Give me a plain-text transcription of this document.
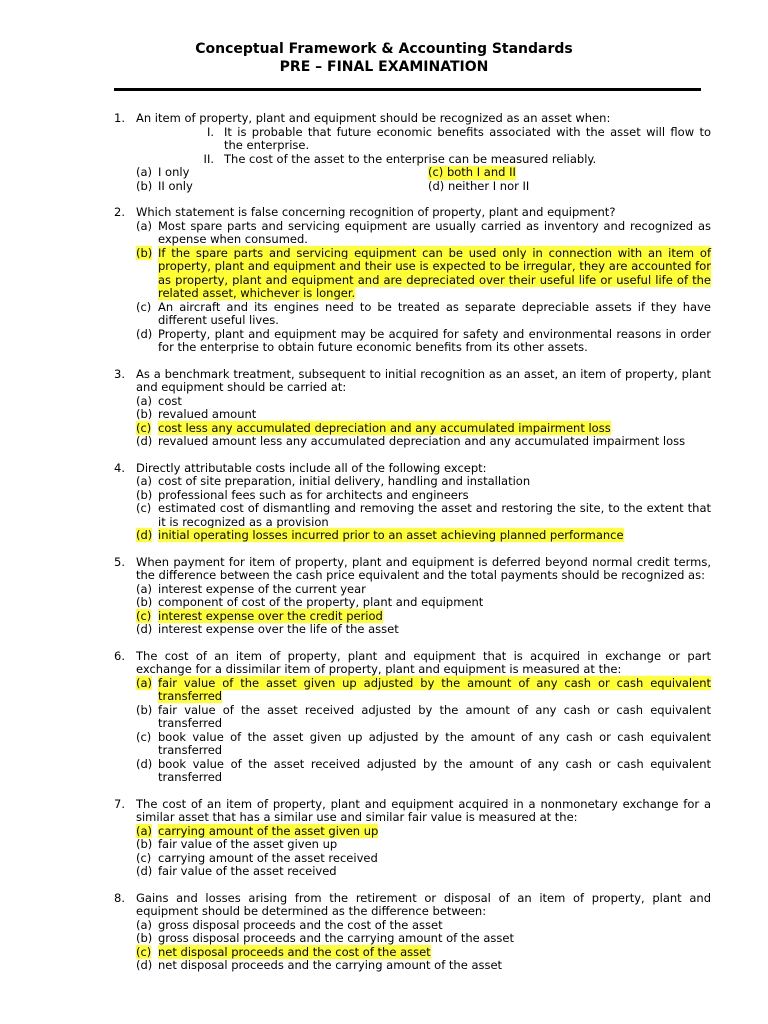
Conceptual Framework & Accounting Standards
PRE – FINAL EXAMINATION
1. An item of property, plant and equipment should be recognized as an asset when:
I. It is probable that future economic benefits associated with the asset will flow to the enterprise.
II. The cost of the asset to the enterprise can be measured reliably.
(a) I only	(c) both I and II
(b) II only	(d)
neither I nor II
2. Which statement is false concerning recognition of property, plant and equipment?
(a) Most spare parts and servicing equipment are usually carried as inventory and recognized as expense when consumed.
(b) If the spare parts and servicing equipment can be used only in connection with an item of property, plant and equipment and their use is expected to be irregular, they are accounted for as property, plant and equipment and are depreciated over their useful life or useful life of the related asset, whichever is longer.
(c) An aircraft and its engines need to be treated as separate depreciable assets if they have different useful lives.
(d) Property, plant and equipment may be acquired for safety and environmental reasons in order for the enterprise to obtain future economic benefits from its other assets.
3. As a benchmark treatment, subsequent to initial recognition as an asset, an item of property, plant and equipment should be carried at:
(a) cost
(b) revalued amount
(c) cost less any accumulated depreciation and any accumulated impairment loss
(d) revalued amount less any accumulated depreciation and any accumulated impairment loss
4. Directly attributable costs include all of the following except:
(a) cost of site preparation, initial delivery, handling and installation
(b) professional fees such as for architects and engineers
(c) estimated cost of dismantling and removing the asset and restoring the site, to the extent that it is recognized as a provision
(d) initial operating losses incurred prior to an asset achieving planned performance
5. When payment for item of property, plant and equipment is deferred beyond normal credit terms, the difference between the cash price equivalent and the total payments should be recognized as:
(a) interest expense of the current year
(b) component of cost of the property, plant and equipment
(c) interest expense over the credit period
(d) interest expense over the life of the asset
6. The cost of an item of property, plant and equipment that is acquired in exchange or part exchange for a dissimilar item of property, plant and equipment is measured at the:
(a) fair value of the asset given up adjusted by the amount of any cash or cash equivalent transferred
(b) fair value of the asset received adjusted by the amount of any cash or cash equivalent transferred
(c) book value of the asset given up adjusted by the amount of any cash or cash equivalent transferred
(d) book value of the asset received adjusted by the amount of any cash or cash equivalent transferred
7. The cost of an item of property, plant and equipment acquired in a nonmonetary exchange for a similar asset that has a similar use and similar fair value is measured at the:
(a) carrying amount of the asset given up
(b) fair value of the asset given up
(c) carrying amount of the asset received
(d) fair value of the asset received
8. Gains and losses arising from the retirement or disposal of an item of property, plant and equipment should be determined as the difference between:
(a) gross disposal proceeds and the cost of the asset
(b) gross disposal proceeds and the carrying amount of the asset
(c) net disposal proceeds and the cost of the asset
(d) net disposal proceeds and the carrying amount of the asset
